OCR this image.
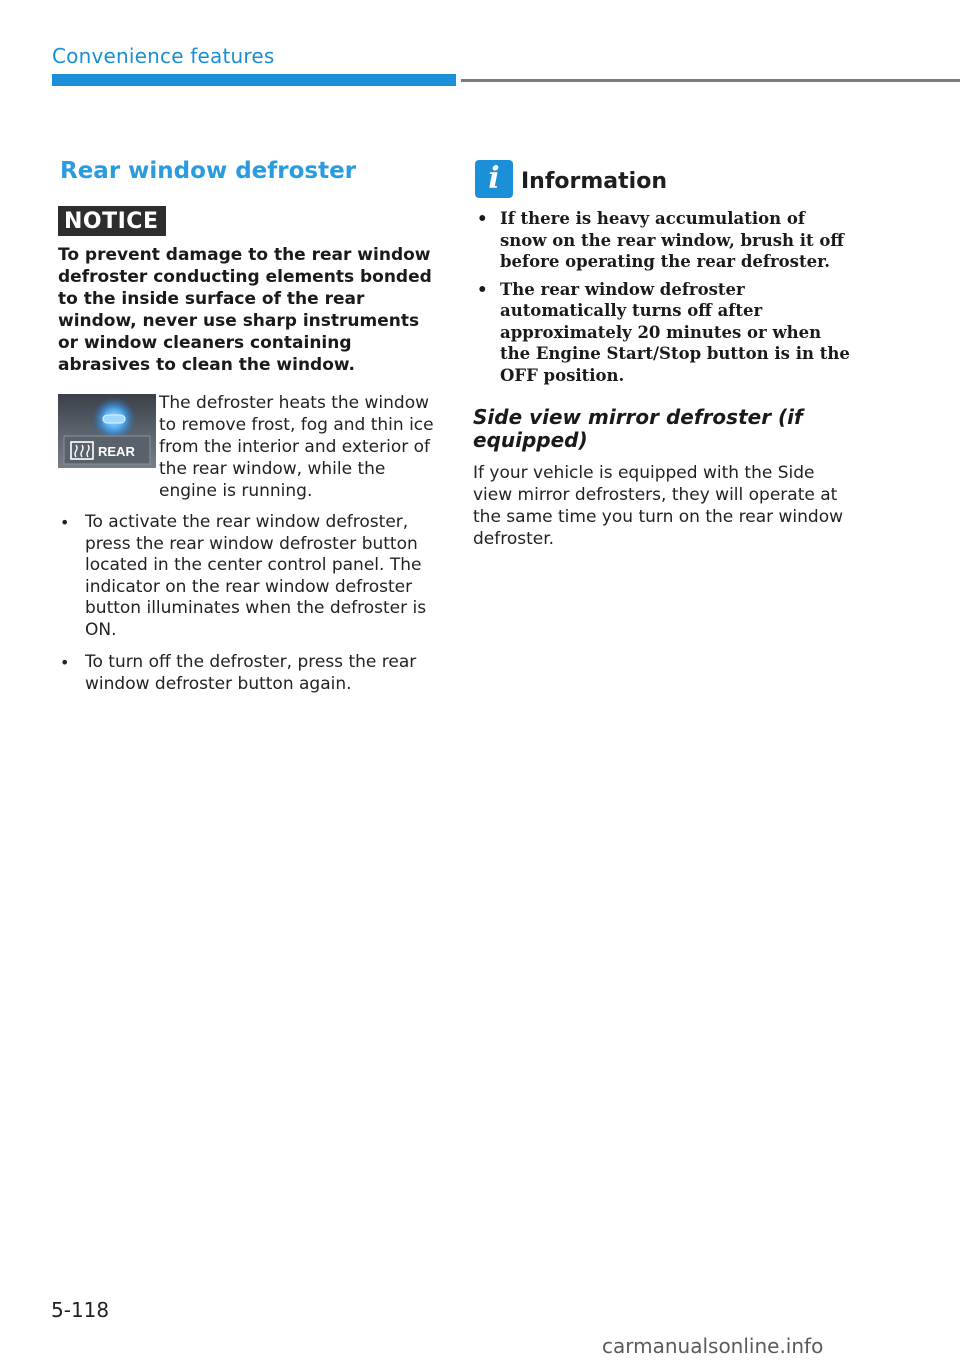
Convenience features
Rear window defroster
NOTICE
To prevent damage to the rear window defroster conducting elements bonded to the inside surface of the rear window, never use sharp instruments or window cleaners containing abrasives to clean the window.
REAR
The defroster heats the window to remove frost, fog and thin ice from the interior and exterior of the rear window, while the engine is running.
• To activate the rear window defroster, press the rear window defroster button located in the center control panel. The indicator on the rear window defroster button illuminates when the defroster is ON.
• To turn off the defroster, press the rear window defroster button again.
i Information
• If there is heavy accumulation of snow on the rear window, brush it off before operating the rear defroster.
• The rear window defroster automatically turns off after approximately 20 minutes or when the Engine Start/Stop button is in the OFF position.
Side view mirror defroster (if equipped)

If your vehicle is equipped with the Side view mirror defrosters, they will operate at the same time you turn on the rear window defroster.

5-118
carmanualsonline.info
